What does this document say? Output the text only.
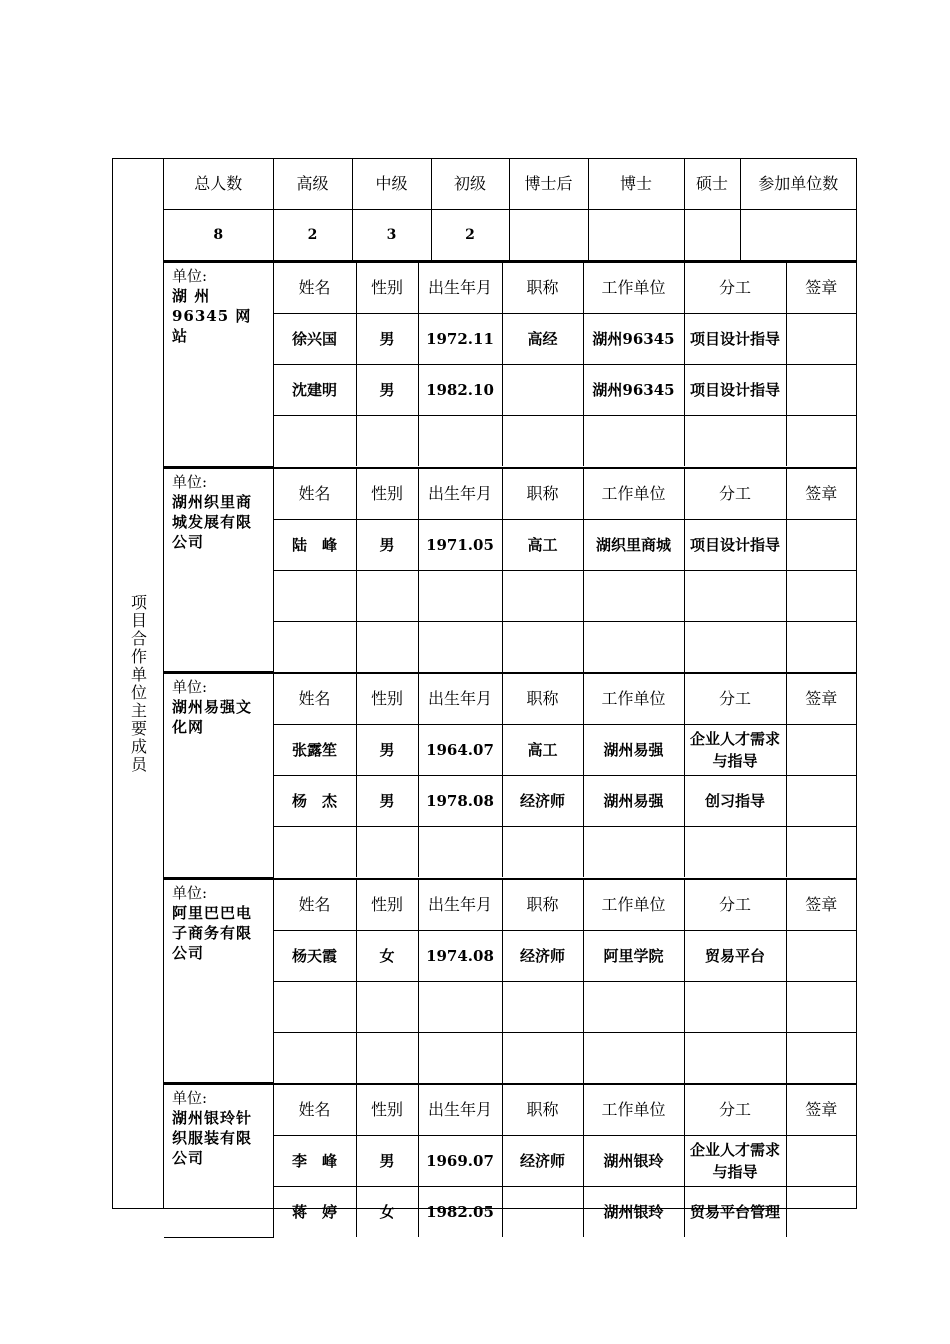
项目合作单位主要成员
总人数	高级	中级	初级	博士后	博士	硕士	参加单位数
8	2	3	2				
单位:
湖 州 96345 网站	姓名	性别	出生年月	职称	工作单位	分工	签章
	徐兴国	男	1972.11	高经	湖州96345	项目设计指导	
	沈建明	男	1982.10		湖州96345	项目设计指导	

单位:
湖州织里商城发展有限公司	姓名	性别	出生年月	职称	工作单位	分工	签章
	陆　峰	男	1971.05	高工	湖织里商城	项目设计指导	

单位:
湖州易强文化网	姓名	性别	出生年月	职称	工作单位	分工	签章
	张露笙	男	1964.07	高工	湖州易强	企业人才需求与指导	
	杨　杰	男	1978.08	经济师	湖州易强	创习指导	

单位:
阿里巴巴电子商务有限公司	姓名	性别	出生年月	职称	工作单位	分工	签章
	杨天霞	女	1974.08	经济师	阿里学院	贸易平台	

单位:
湖州银玲针织服装有限公司	姓名	性别	出生年月	职称	工作单位	分工	签章
	李　峰	男	1969.07	经济师	湖州银玲	企业人才需求与指导	
	蒋　婷	女	1982.05		湖州银玲	贸易平台管理	
